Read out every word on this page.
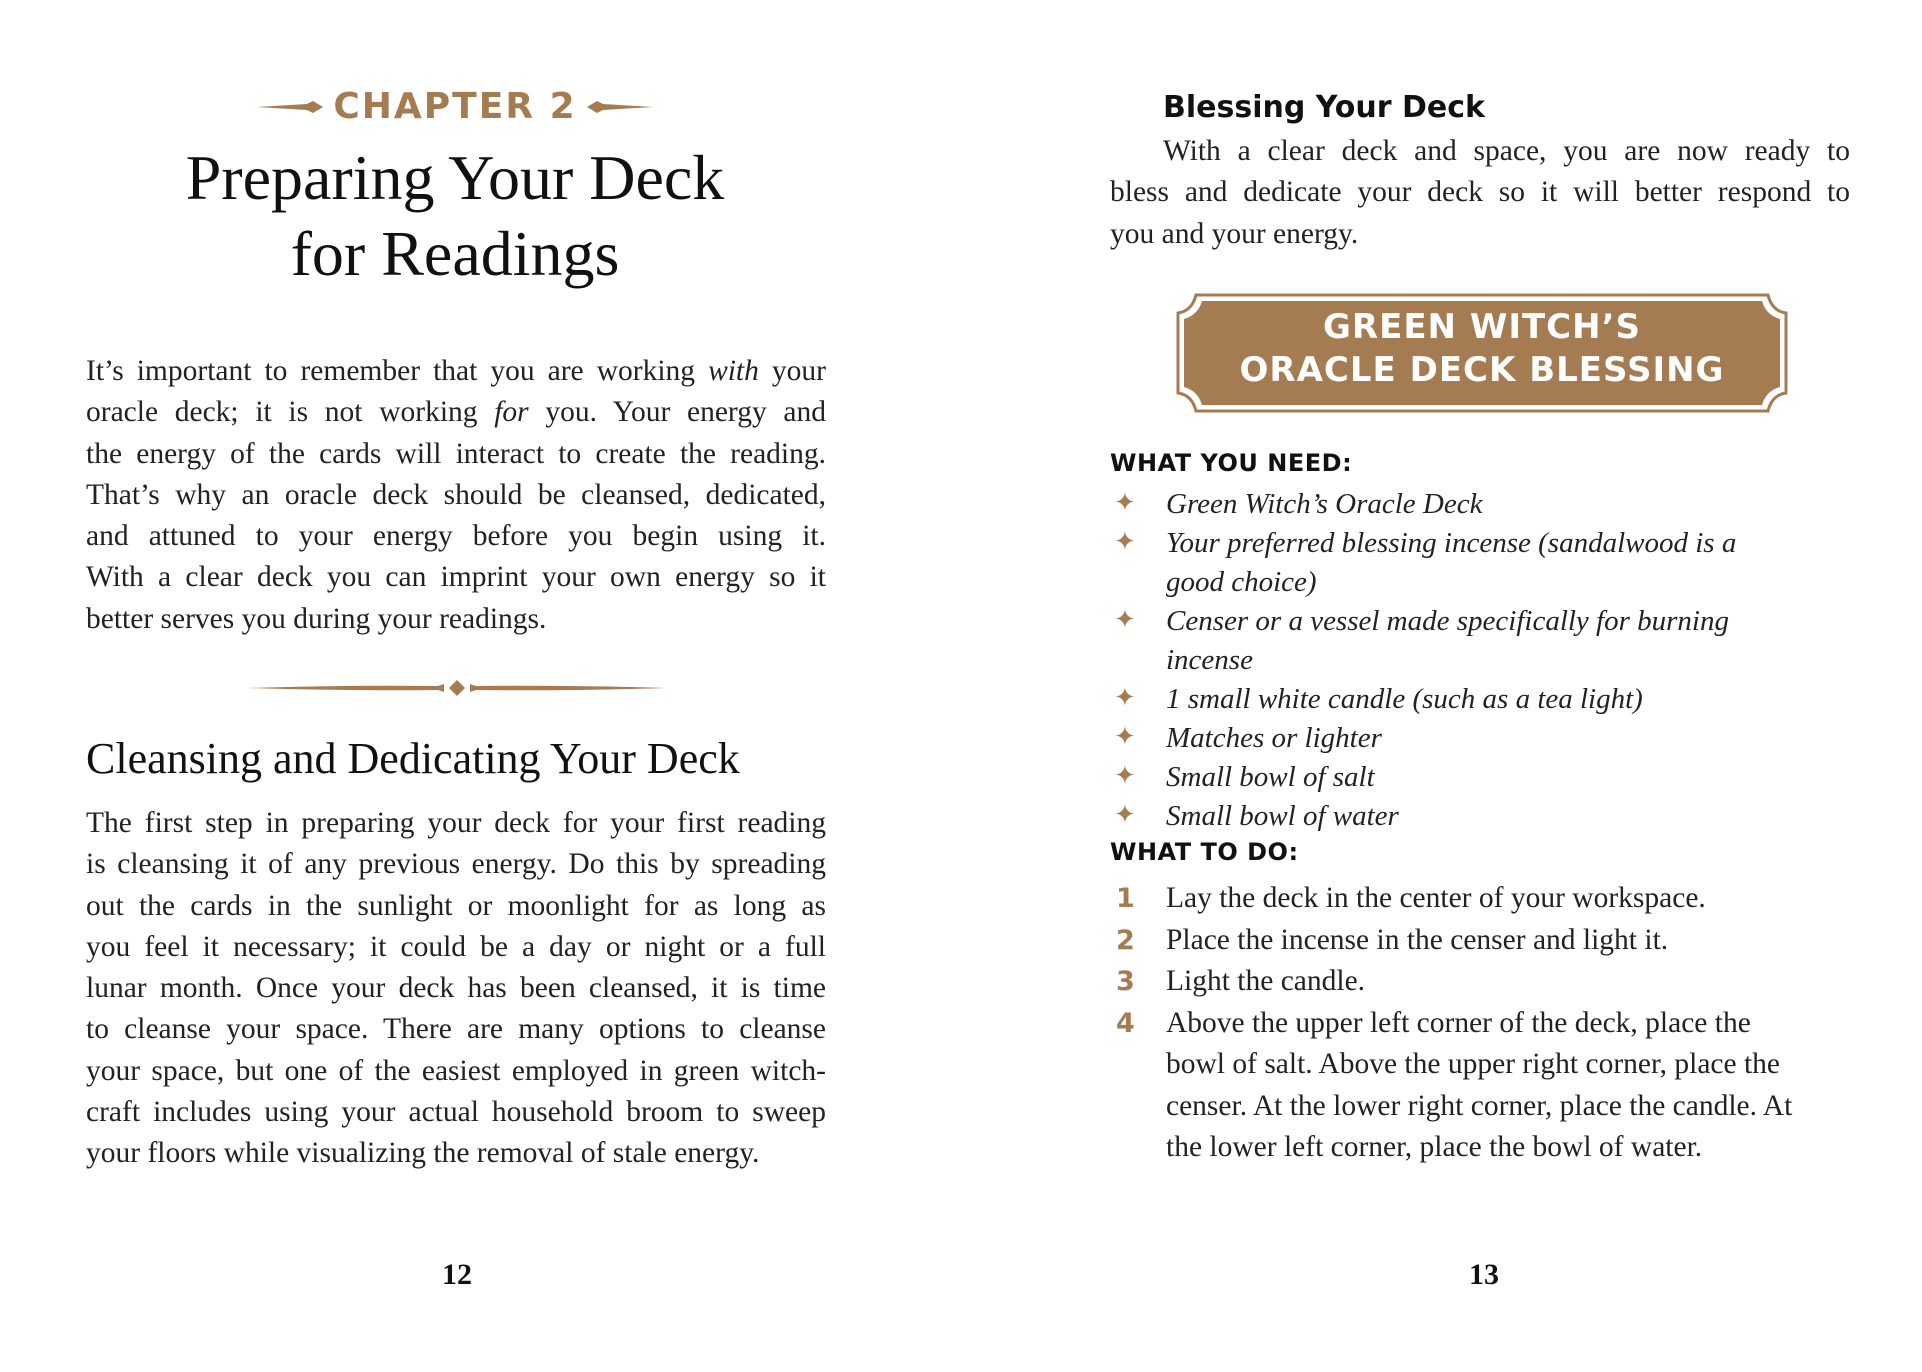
CHAPTER 2
Preparing Your Deck
for Readings

It’s important to remember that you are working with your
oracle deck; it is not working for you. Your energy and
the energy of the cards will interact to create the reading.
That’s why an oracle deck should be cleansed, dedicated,
and attuned to your energy before you begin using it.
With a clear deck you can imprint your own energy so it
better serves you during your readings.

Cleansing and Dedicating Your Deck

The first step in preparing your deck for your first reading
is cleansing it of any previous energy. Do this by spreading
out the cards in the sunlight or moonlight for as long as
you feel it necessary; it could be a day or night or a full
lunar month. Once your deck has been cleansed, it is time
to cleanse your space. There are many options to cleanse
your space, but one of the easiest employed in green witch-
craft includes using your actual household broom to sweep
your floors while visualizing the removal of stale energy.

12
Blessing Your Deck

With a clear deck and space, you are now ready to
bless and dedicate your deck so it will better respond to
you and your energy.

GREEN WITCH’S
ORACLE DECK BLESSING
WHAT YOU NEED:
✦ Green Witch’s Oracle Deck
✦ Your preferred blessing incense (sandalwood is a good choice)
✦ Censer or a vessel made specifically for burning incense
✦ 1 small white candle (such as a tea light)
✦ Matches or lighter
✦ Small bowl of salt
✦ Small bowl of water
WHAT TO DO:
1 Lay the deck in the center of your workspace.
2 Place the incense in the censer and light it.
3 Light the candle.
4 Above the upper left corner of the deck, place the bowl of salt. Above the upper right corner, place the censer. At the lower right corner, place the candle. At the lower left corner, place the bowl of water.
13
